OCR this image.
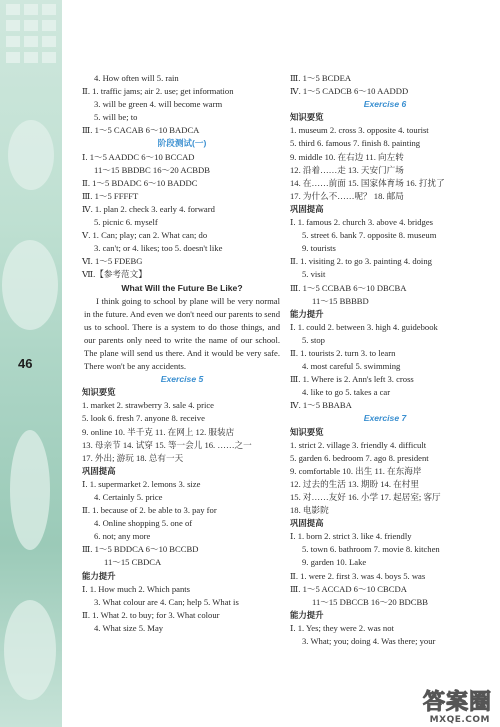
46
4. How often will 5. rain
Ⅱ. 1. traffic jams; air 2. use; get information
3. will be green 4. will become warm
5. will be; to
Ⅲ. 1～5 CACAB 6～10 BADCA
阶段测试(一)
Ⅰ. 1～5 AADDC 6～10 BCCAD
11～15 BBDBC 16～20 ACBDB
Ⅱ. 1～5 BDADC 6～10 BADDC
Ⅲ. 1～5 FFFFT
Ⅳ. 1. plan 2. check 3. early 4. forward
5. picnic 6. myself
Ⅴ. 1. Can; play; can 2. What can; do
3. can't; or 4. likes; too 5. doesn't like
Ⅵ. 1～5 FDEBG
Ⅶ.【参考范文】
What Will the Future Be Like?
I think going to school by plane will be very normal in the future. And even we don't need our parents to send us to school. There is a system to do those things, and our parents only need to write the name of our school. The plane will send us there. And it would be very safe. There won't be any accidents.
Exercise 5
知识要览
1. market 2. strawberry 3. sale 4. price
5. look 6. fresh 7. anyone 8. receive
9. online 10. 半千克 11. 在网上 12. 服装店
13. 母亲节 14. 试穿 15. 等一会儿 16. ……之一
17. 外出; 游玩 18. 总有一天
巩固提高
Ⅰ. 1. supermarket 2. lemons 3. size
4. Certainly 5. price
Ⅱ. 1. because of 2. be able to 3. pay for
4. Online shopping 5. one of
6. not; any more
Ⅲ. 1～5 BDDCA 6～10 BCCBD
11～15 CBDCA
能力提升
Ⅰ. 1. How much 2. Which pants
3. What colour are 4. Can; help 5. What is
Ⅱ. 1. What 2. to buy; for 3. What colour
4. What size 5. May
Ⅲ. 1～5 BCDEA
Ⅳ. 1～5 CADCB 6～10 AADDD
Exercise 6
知识要览
1. museum 2. cross 3. opposite 4. tourist
5. third 6. famous 7. finish 8. painting
9. middle 10. 在右边 11. 向左转
12. 沿着……走 13. 天安门广场
14. 在……前面 15. 国家体育场 16. 打扰了
17. 为什么不……呢？ 18. 邮局
巩固提高
Ⅰ. 1. famous 2. church 3. above 4. bridges
5. street 6. bank 7. opposite 8. museum
9. tourists
Ⅱ. 1. visiting 2. to go 3. painting 4. doing
5. visit
Ⅲ. 1～5 CCBAB 6～10 DBCBA
11～15 BBBBD
能力提升
Ⅰ. 1. could 2. between 3. high 4. guidebook
5. stop
Ⅱ. 1. tourists 2. turn 3. to learn
4. most careful 5. swimming
Ⅲ. 1. Where is 2. Ann's left 3. cross
4. like to go 5. takes a car
Ⅳ. 1～5 BBABA
Exercise 7
知识要览
1. strict 2. village 3. friendly 4. difficult
5. garden 6. bedroom 7. ago 8. president
9. comfortable 10. 出生 11. 在东海岸
12. 过去的生活 13. 期盼 14. 在村里
15. 对……友好 16. 小学 17. 起居室; 客厅
18. 电影院
巩固提高
Ⅰ. 1. born 2. strict 3. like 4. friendly
5. town 6. bathroom 7. movie 8. kitchen
9. garden 10. Lake
Ⅱ. 1. were 2. first 3. was 4. boys 5. was
Ⅲ. 1～5 ACCAD 6～10 CBCDA
11～15 DBCCB 16～20 BDCBB
能力提升
Ⅰ. 1. Yes; they were 2. was not
3. What; you; doing 4. Was there; your
答案圈
MXQE.COM
